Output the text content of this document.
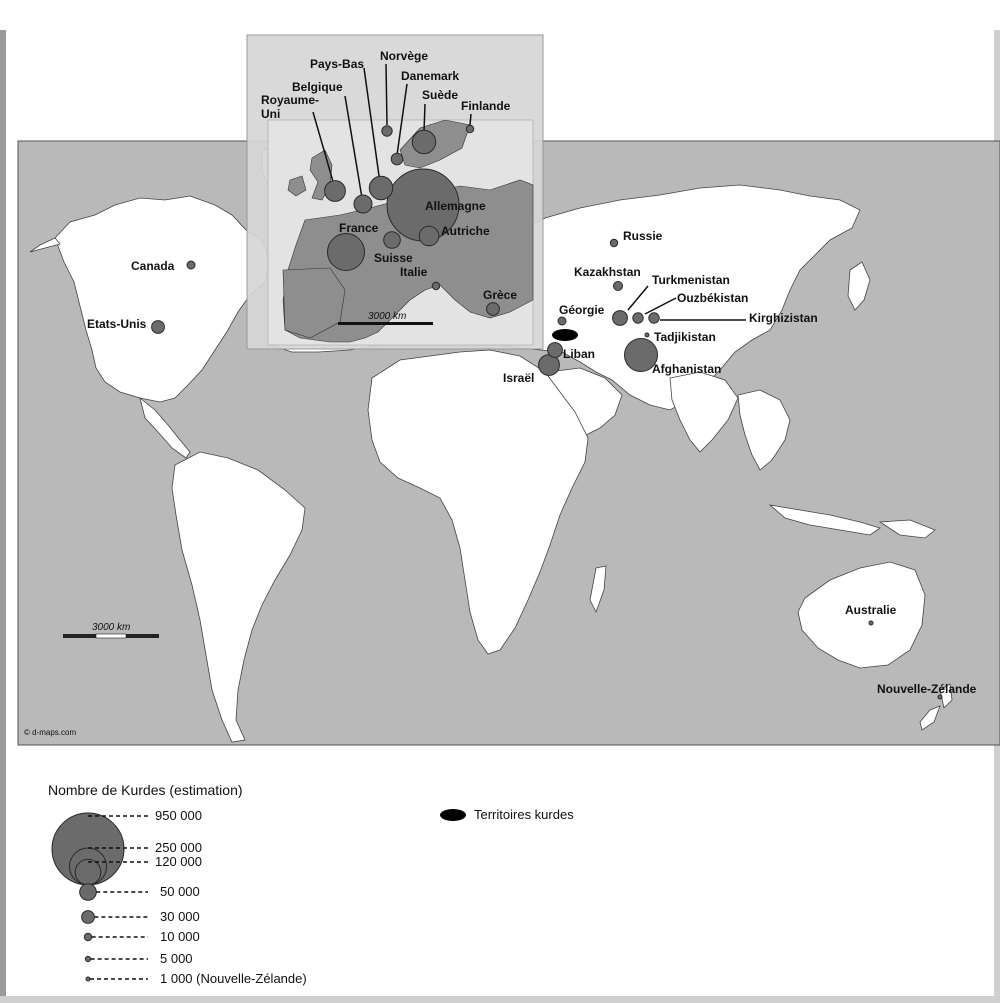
3000 km
Allemagne
France
Afghanistan
Suède
Pays-Bas
Royaume-
Uni
Israël
Autriche
Belgique
Suisse
Turkmenistan
Liban
Etats-Unis
Grèce
Danemark
Ouzbékistan
Kirghizistan
Norvège
Kazakhstan
Canada
Géorgie
Russie
Italie
Finlande
Tadjikistan
Australie
Nouvelle-Zélande
3000 km
© d-maps.com
Nombre de Kurdes (estimation)
950 000
250 000
120 000
50 000
30 000
10 000
5 000
1 000 (Nouvelle-Zélande)
Territoires kurdes
